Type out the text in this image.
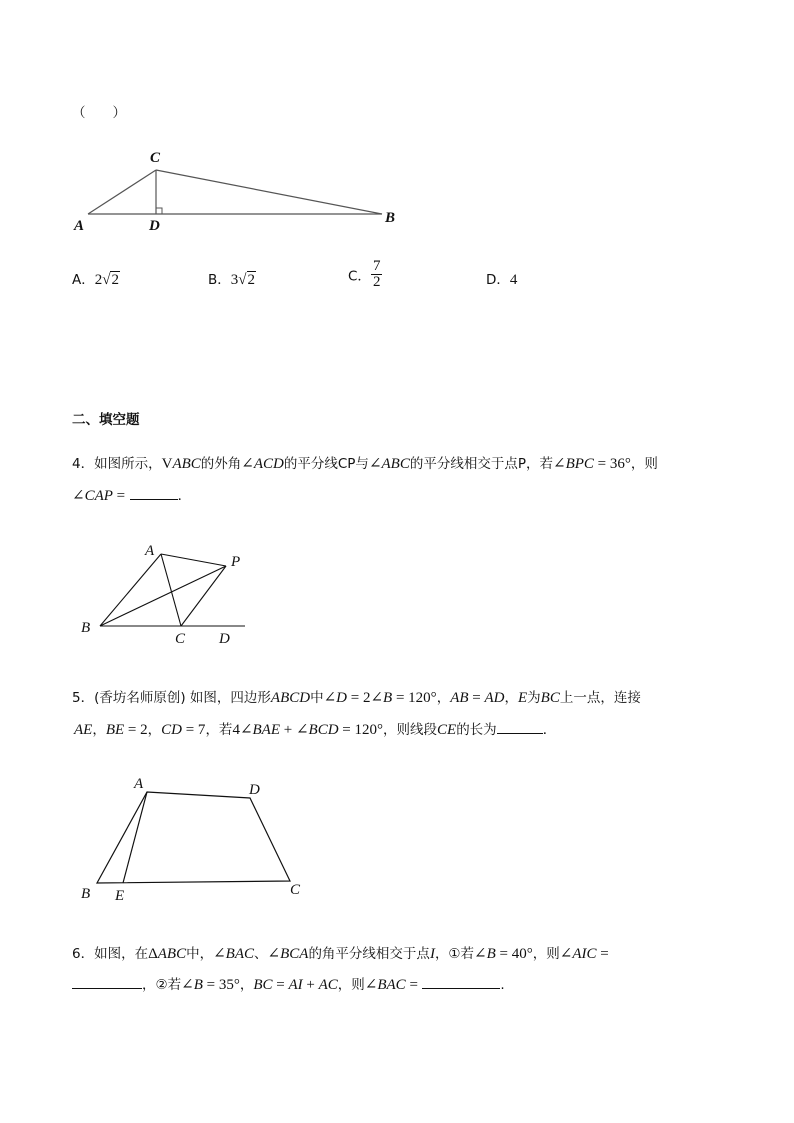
（　　）
C
A	D	B
A．2√2	B．3√2	C． $\frac{7}{2}$	D．4
二、填空题
4．如图所示，VABC的外角∠ACD的平分线CP与∠ABC的平分线相交于点P，若∠BPC = 36°，则
∠CAP =	．
A
P
B
C D
5．(香坊名师原创) 如图，四边形ABCD中∠D = 2∠B = 120°，AB = AD，E为BC上一点，连接
AE，BE = 2，CD = 7，若4∠BAE + ∠BCD = 120°，则线段CE的长为	．
A	D
B E	C
6．如图，在ΔABC中，∠BAC、∠BCA的角平分线相交于点I，①若∠B = 40°，则∠AIC =
，②若∠B = 35°，BC = AI + AC，则∠BAC =	.
